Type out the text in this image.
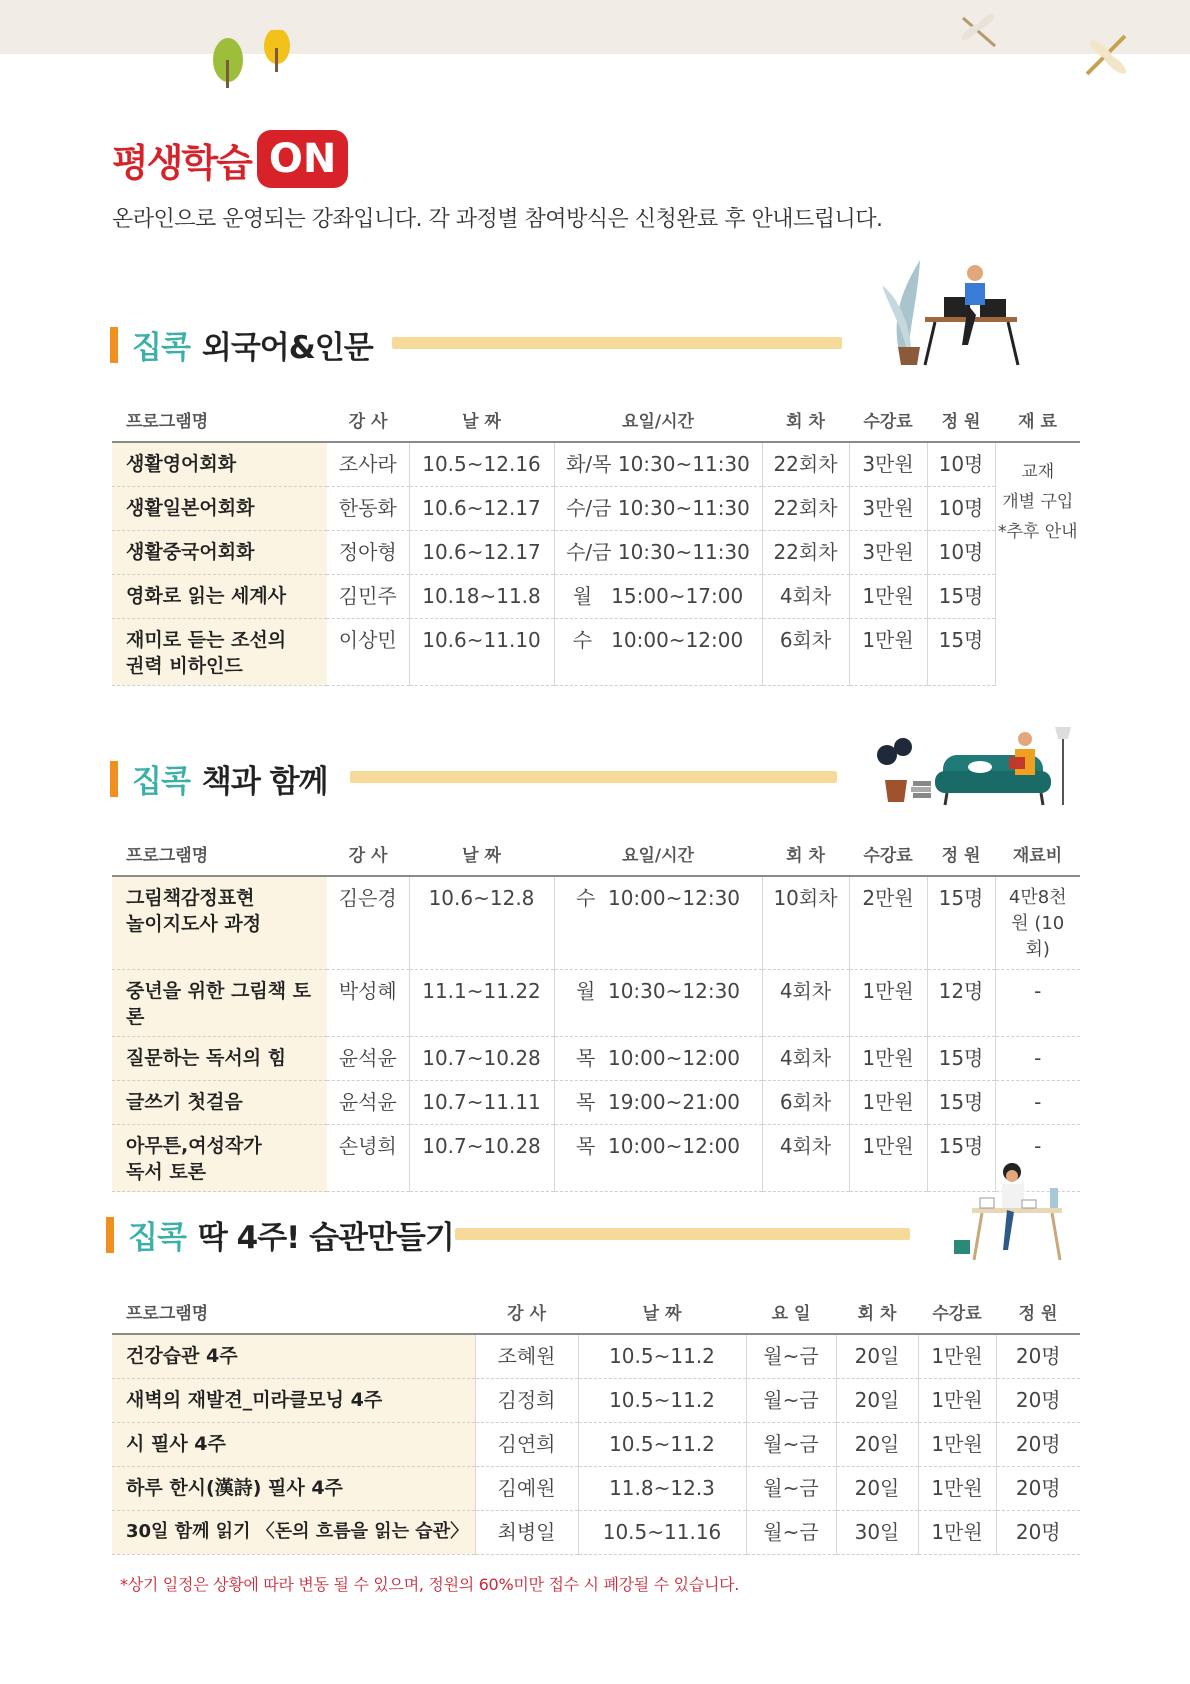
평생학습 ON
온라인으로 운영되는 강좌입니다. 각 과정별 참여방식은 신청완료 후 안내드립니다.
집콕 외국어&인문
프로그램명	강 사	날 짜	요일/시간	회 차	수강료	정 원	재 료
생활영어회화	조사라	10.5~12.16	화/목 10:30~11:30	22회차	3만원	10명	교재
개별 구입
*추후 안내

생활일본어회화	한동화	10.6~12.17	수/금 10:30~11:30	22회차	3만원	10명	
생활중국어회화	정아형	10.6~12.17	수/금 10:30~11:30	22회차	3만원	10명	
영화로 읽는 세계사	김민주	10.18~11.8	월   15:00~17:00	4회차	1만원	15명	
재미로 듣는 조선의 권력 비하인드	이상민	10.6~11.10	수   10:00~12:00	6회차	1만원	15명	
집콕 책과 함께
프로그램명	강 사	날 짜	요일/시간	회 차	수강료	정 원	재료비
그림책감정표현 놀이지도사 과정	김은경	10.6~12.8	수  10:00~12:30	10회차	2만원	15명	4만8천원 (10회)
중년을 위한 그림책 토론	박성혜	11.1~11.22	월  10:30~12:30	4회차	1만원	12명	-
질문하는 독서의 힘	윤석윤	10.7~10.28	목  10:00~12:00	4회차	1만원	15명	-
글쓰기 첫걸음	윤석윤	10.7~11.11	목  19:00~21:00	6회차	1만원	15명	-
아무튼,여성작가 독서 토론	손녕희	10.7~10.28	목  10:00~12:00	4회차	1만원	15명	-
집콕 딱 4주! 습관만들기
프로그램명	강 사	날 짜	요 일	회 차	수강료	정 원
건강습관 4주	조혜원	10.5~11.2	월~금	20일	1만원	20명
새벽의 재발견_미라클모닝 4주	김정희	10.5~11.2	월~금	20일	1만원	20명
시 필사 4주	김연희	10.5~11.2	월~금	20일	1만원	20명
하루 한시(漢詩) 필사 4주	김예원	11.8~12.3	월~금	20일	1만원	20명
30일 함께 읽기 〈돈의 흐름을 읽는 습관〉	최병일	10.5~11.16	월~금	30일	1만원	20명
*상기 일정은 상황에 따라 변동 될 수 있으며, 정원의 60%미만 접수 시 폐강될 수 있습니다.
